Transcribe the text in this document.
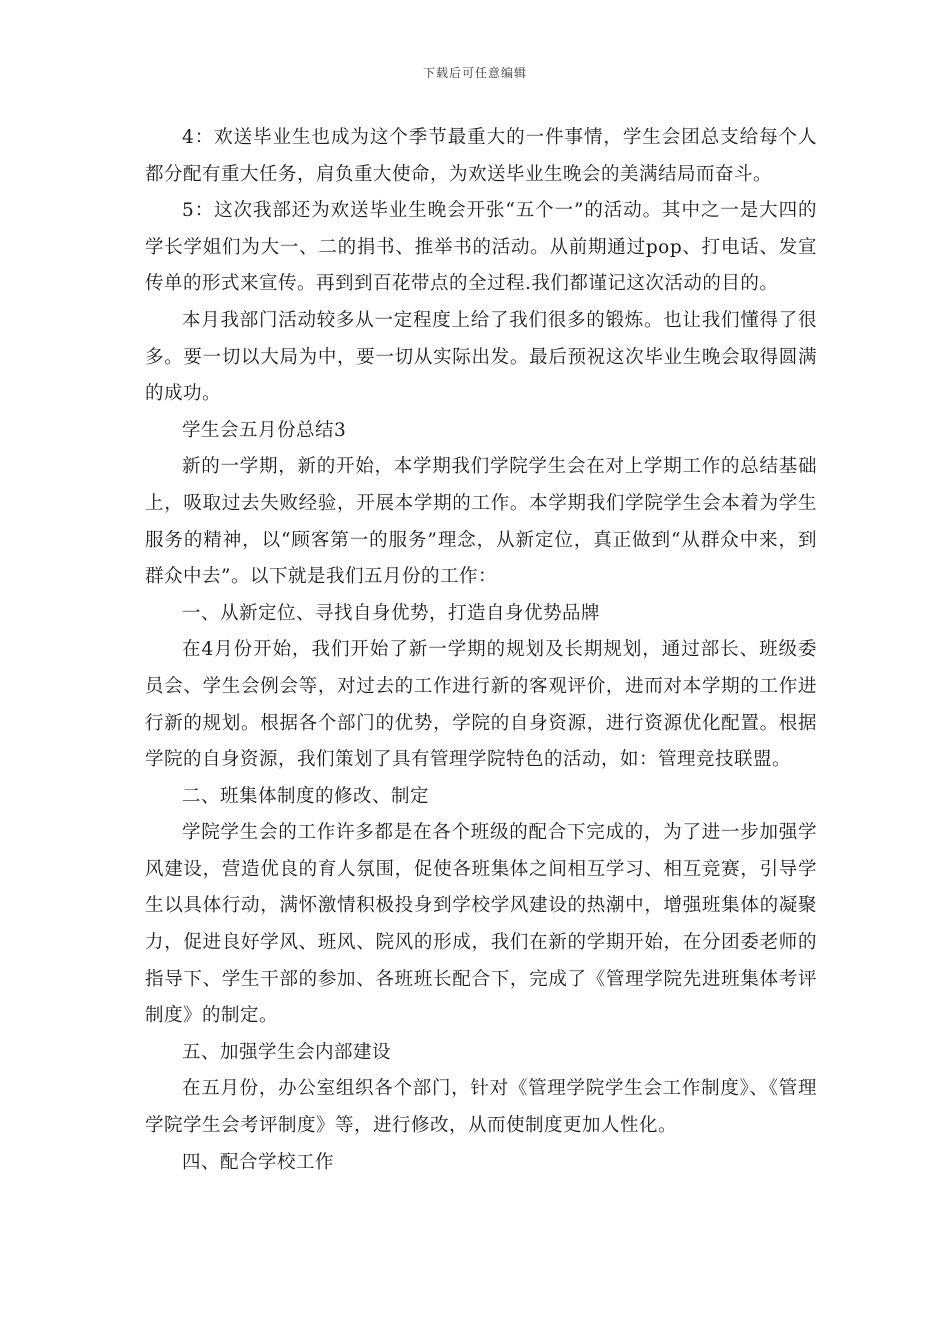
下载后可任意编辑

4：欢送毕业生也成为这个季节最重大的一件事情，学生会团总支给每个人都分配有重大任务，肩负重大使命，为欢送毕业生晚会的美满结局而奋斗。

5：这次我部还为欢送毕业生晚会开张“五个一”的活动。其中之一是大四的学长学姐们为大一、二的捐书、推举书的活动。从前期通过pop、打电话、发宣传单的形式来宣传。再到到百花带点的全过程.我们都谨记这次活动的目的。

本月我部门活动较多从一定程度上给了我们很多的锻炼。也让我们懂得了很多。要一切以大局为中，要一切从实际出发。最后预祝这次毕业生晚会取得圆满的成功。

学生会五月份总结3

新的一学期，新的开始，本学期我们学院学生会在对上学期工作的总结基础上，吸取过去失败经验，开展本学期的工作。本学期我们学院学生会本着为学生服务的精神，以“顾客第一的服务”理念，从新定位，真正做到“从群众中来，到群众中去”。以下就是我们五月份的工作：

一、从新定位、寻找自身优势，打造自身优势品牌

在4月份开始，我们开始了新一学期的规划及长期规划，通过部长、班级委员会、学生会例会等，对过去的工作进行新的客观评价，进而对本学期的工作进行新的规划。根据各个部门的优势，学院的自身资源，进行资源优化配置。根据学院的自身资源，我们策划了具有管理学院特色的活动，如：管理竞技联盟。

二、班集体制度的修改、制定

学院学生会的工作许多都是在各个班级的配合下完成的，为了进一步加强学风建设，营造优良的育人氛围，促使各班集体之间相互学习、相互竞赛，引导学生以具体行动，满怀激情积极投身到学校学风建设的热潮中，增强班集体的凝聚力，促进良好学风、班风、院风的形成，我们在新的学期开始，在分团委老师的指导下、学生干部的参加、各班班长配合下，完成了《管理学院先进班集体考评制度》的制定。

五、加强学生会内部建设

在五月份，办公室组织各个部门，针对《管理学院学生会工作制度》、《管理学院学生会考评制度》等，进行修改，从而使制度更加人性化。

四、配合学校工作
